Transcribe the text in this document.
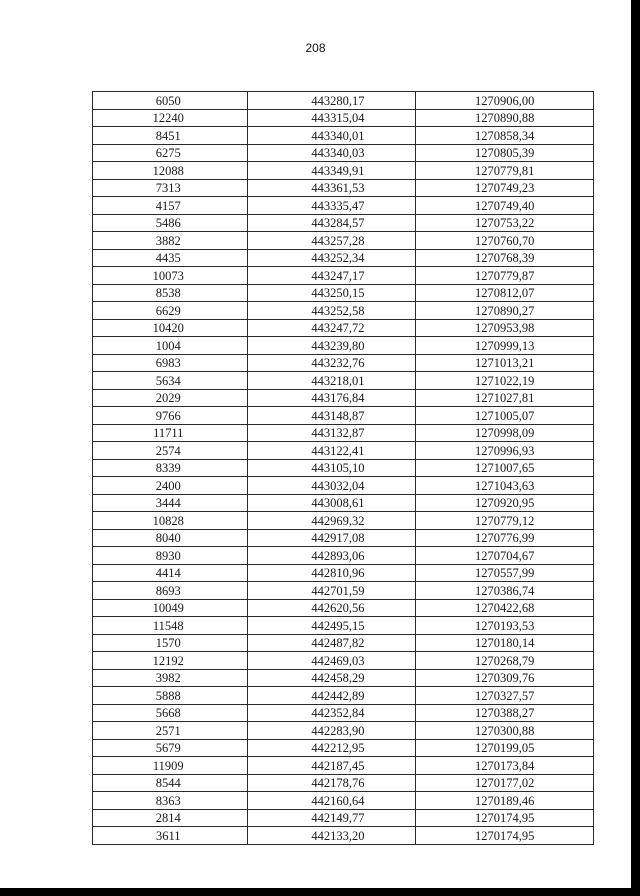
208
6050	443280,17	1270906,00
12240	443315,04	1270890,88
8451	443340,01	1270858,34
6275	443340,03	1270805,39
12088	443349,91	1270779,81
7313	443361,53	1270749,23
4157	443335,47	1270749,40
5486	443284,57	1270753,22
3882	443257,28	1270760,70
4435	443252,34	1270768,39
10073	443247,17	1270779,87
8538	443250,15	1270812,07
6629	443252,58	1270890,27
10420	443247,72	1270953,98
1004	443239,80	1270999,13
6983	443232,76	1271013,21
5634	443218,01	1271022,19
2029	443176,84	1271027,81
9766	443148,87	1271005,07
11711	443132,87	1270998,09
2574	443122,41	1270996,93
8339	443105,10	1271007,65
2400	443032,04	1271043,63
3444	443008,61	1270920,95
10828	442969,32	1270779,12
8040	442917,08	1270776,99
8930	442893,06	1270704,67
4414	442810,96	1270557,99
8693	442701,59	1270386,74
10049	442620,56	1270422,68
11548	442495,15	1270193,53
1570	442487,82	1270180,14
12192	442469,03	1270268,79
3982	442458,29	1270309,76
5888	442442,89	1270327,57
5668	442352,84	1270388,27
2571	442283,90	1270300,88
5679	442212,95	1270199,05
11909	442187,45	1270173,84
8544	442178,76	1270177,02
8363	442160,64	1270189,46
2814	442149,77	1270174,95
3611	442133,20	1270174,95
